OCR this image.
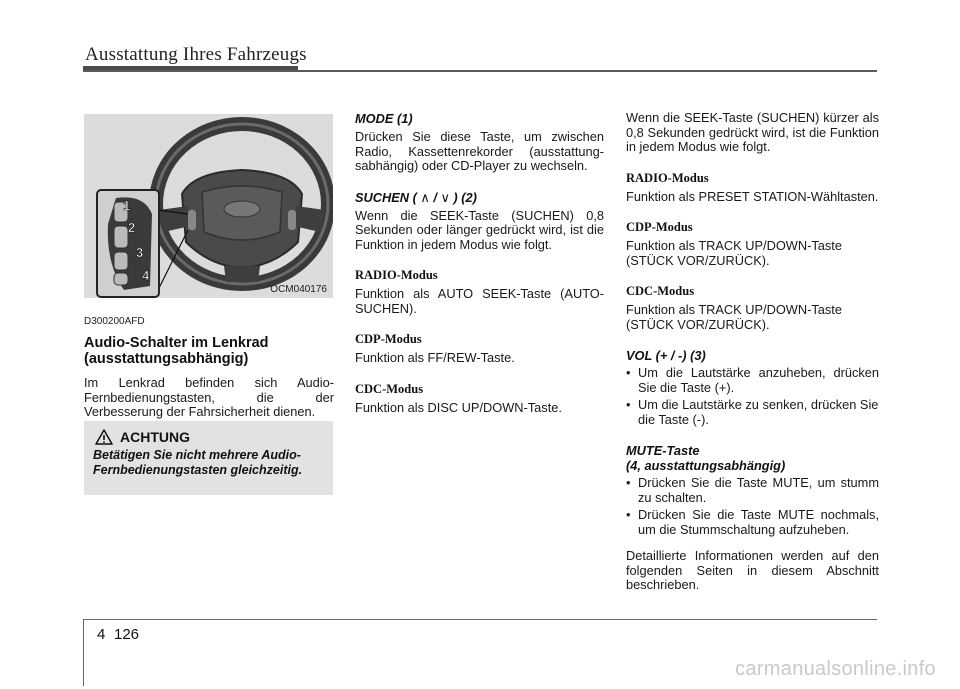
Ausstattung Ihres Fahrzeugs
1
2
3
4
OCM040176
D300200AFD
Audio-Schalter im Lenkrad (ausstattungsabhängig)
Im Lenkrad befinden sich Audio-Fernbedienungstasten, die der Verbesserung der Fahrsicherheit dienen.
ACHTUNG
Betätigen Sie nicht mehrere Audio-Fernbedienungstasten gleichzeitig.
MODE (1)
Drücken Sie diese Taste, um zwischen Radio, Kassettenrekorder (ausstattung-sabhängig) oder CD-Player zu wechseln.
SUCHEN ( ∧ / ∨ ) (2)
Wenn die SEEK-Taste (SUCHEN) 0,8 Sekunden oder länger gedrückt wird, ist die Funktion in jedem Modus wie folgt.
RADIO-Modus
Funktion als AUTO SEEK-Taste (AUTO-SUCHEN).
CDP-Modus
Funktion als FF/REW-Taste.
CDC-Modus
Funktion als DISC UP/DOWN-Taste.
Wenn die SEEK-Taste (SUCHEN) kürzer als 0,8 Sekunden gedrückt wird, ist die Funktion in jedem Modus wie folgt.
RADIO-Modus
Funktion als PRESET STATION-Wähltasten.
CDP-Modus
Funktion als TRACK UP/DOWN-Taste (STÜCK VOR/ZURÜCK).
CDC-Modus
Funktion als TRACK UP/DOWN-Taste (STÜCK VOR/ZURÜCK).
VOL (+ / -) (3)
• Um die Lautstärke anzuheben, drücken Sie die Taste (+).
• Um die Lautstärke zu senken, drücken Sie die Taste (-).
MUTE-Taste
(4, ausstattungsabhängig)
• Drücken Sie die Taste MUTE, um stumm zu schalten.
• Drücken Sie die Taste MUTE nochmals, um die Stummschaltung aufzuheben.
Detaillierte Informationen werden auf den folgenden Seiten in diesem Abschnitt beschrieben.
4 126
carmanualsonline.info
